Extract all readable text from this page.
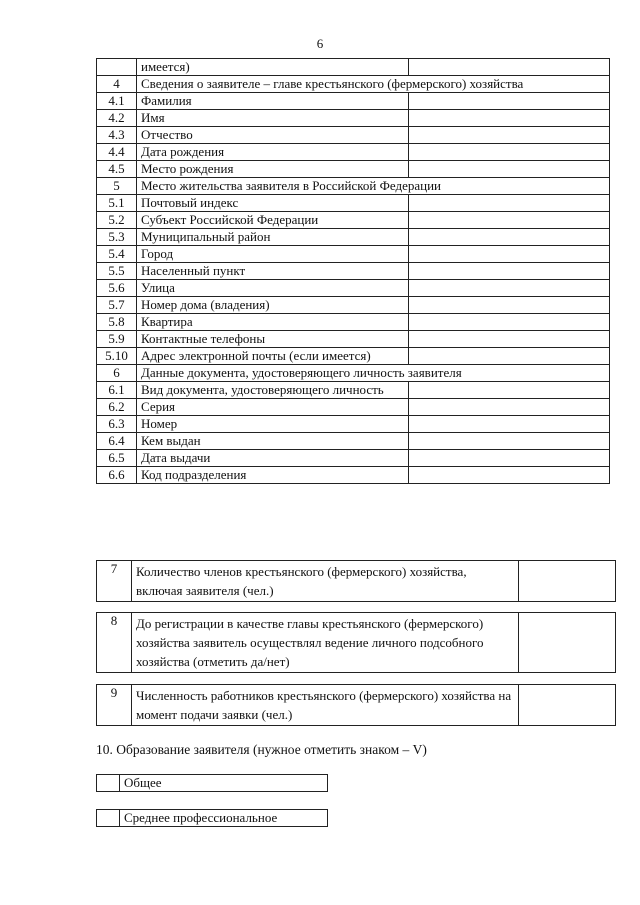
6
	имеется)	
4	Сведения о заявителе – главе крестьянского (фермерского) хозяйства	
4.1	Фамилия	
4.2	Имя	
4.3	Отчество	
4.4	Дата рождения	
4.5	Место рождения	
5	Место жительства заявителя в Российской Федерации	
5.1	Почтовый индекс	
5.2	Субъект Российской Федерации	
5.3	Муниципальный район	
5.4	Город	
5.5	Населенный пункт	
5.6	Улица	
5.7	Номер дома (владения)	
5.8	Квартира	
5.9	Контактные телефоны	
5.10	Адрес электронной почты (если имеется)	
6	Данные документа, удостоверяющего личность заявителя	
6.1	Вид документа, удостоверяющего личность	
6.2	Серия	
6.3	Номер	
6.4	Кем выдан	
6.5	Дата выдачи	
6.6	Код подразделения	
7	Количество членов крестьянского (фермерского) хозяйства, включая заявителя (чел.)	
8	До регистрации в качестве главы крестьянского (фермерского) хозяйства заявитель осуществлял ведение личного подсобного хозяйства (отметить да/нет)	
9	Численность работников крестьянского (фермерского) хозяйства на момент подачи заявки (чел.)	
10. Образование заявителя (нужное отметить знаком – V)
	Общее
	Среднее профессиональное
